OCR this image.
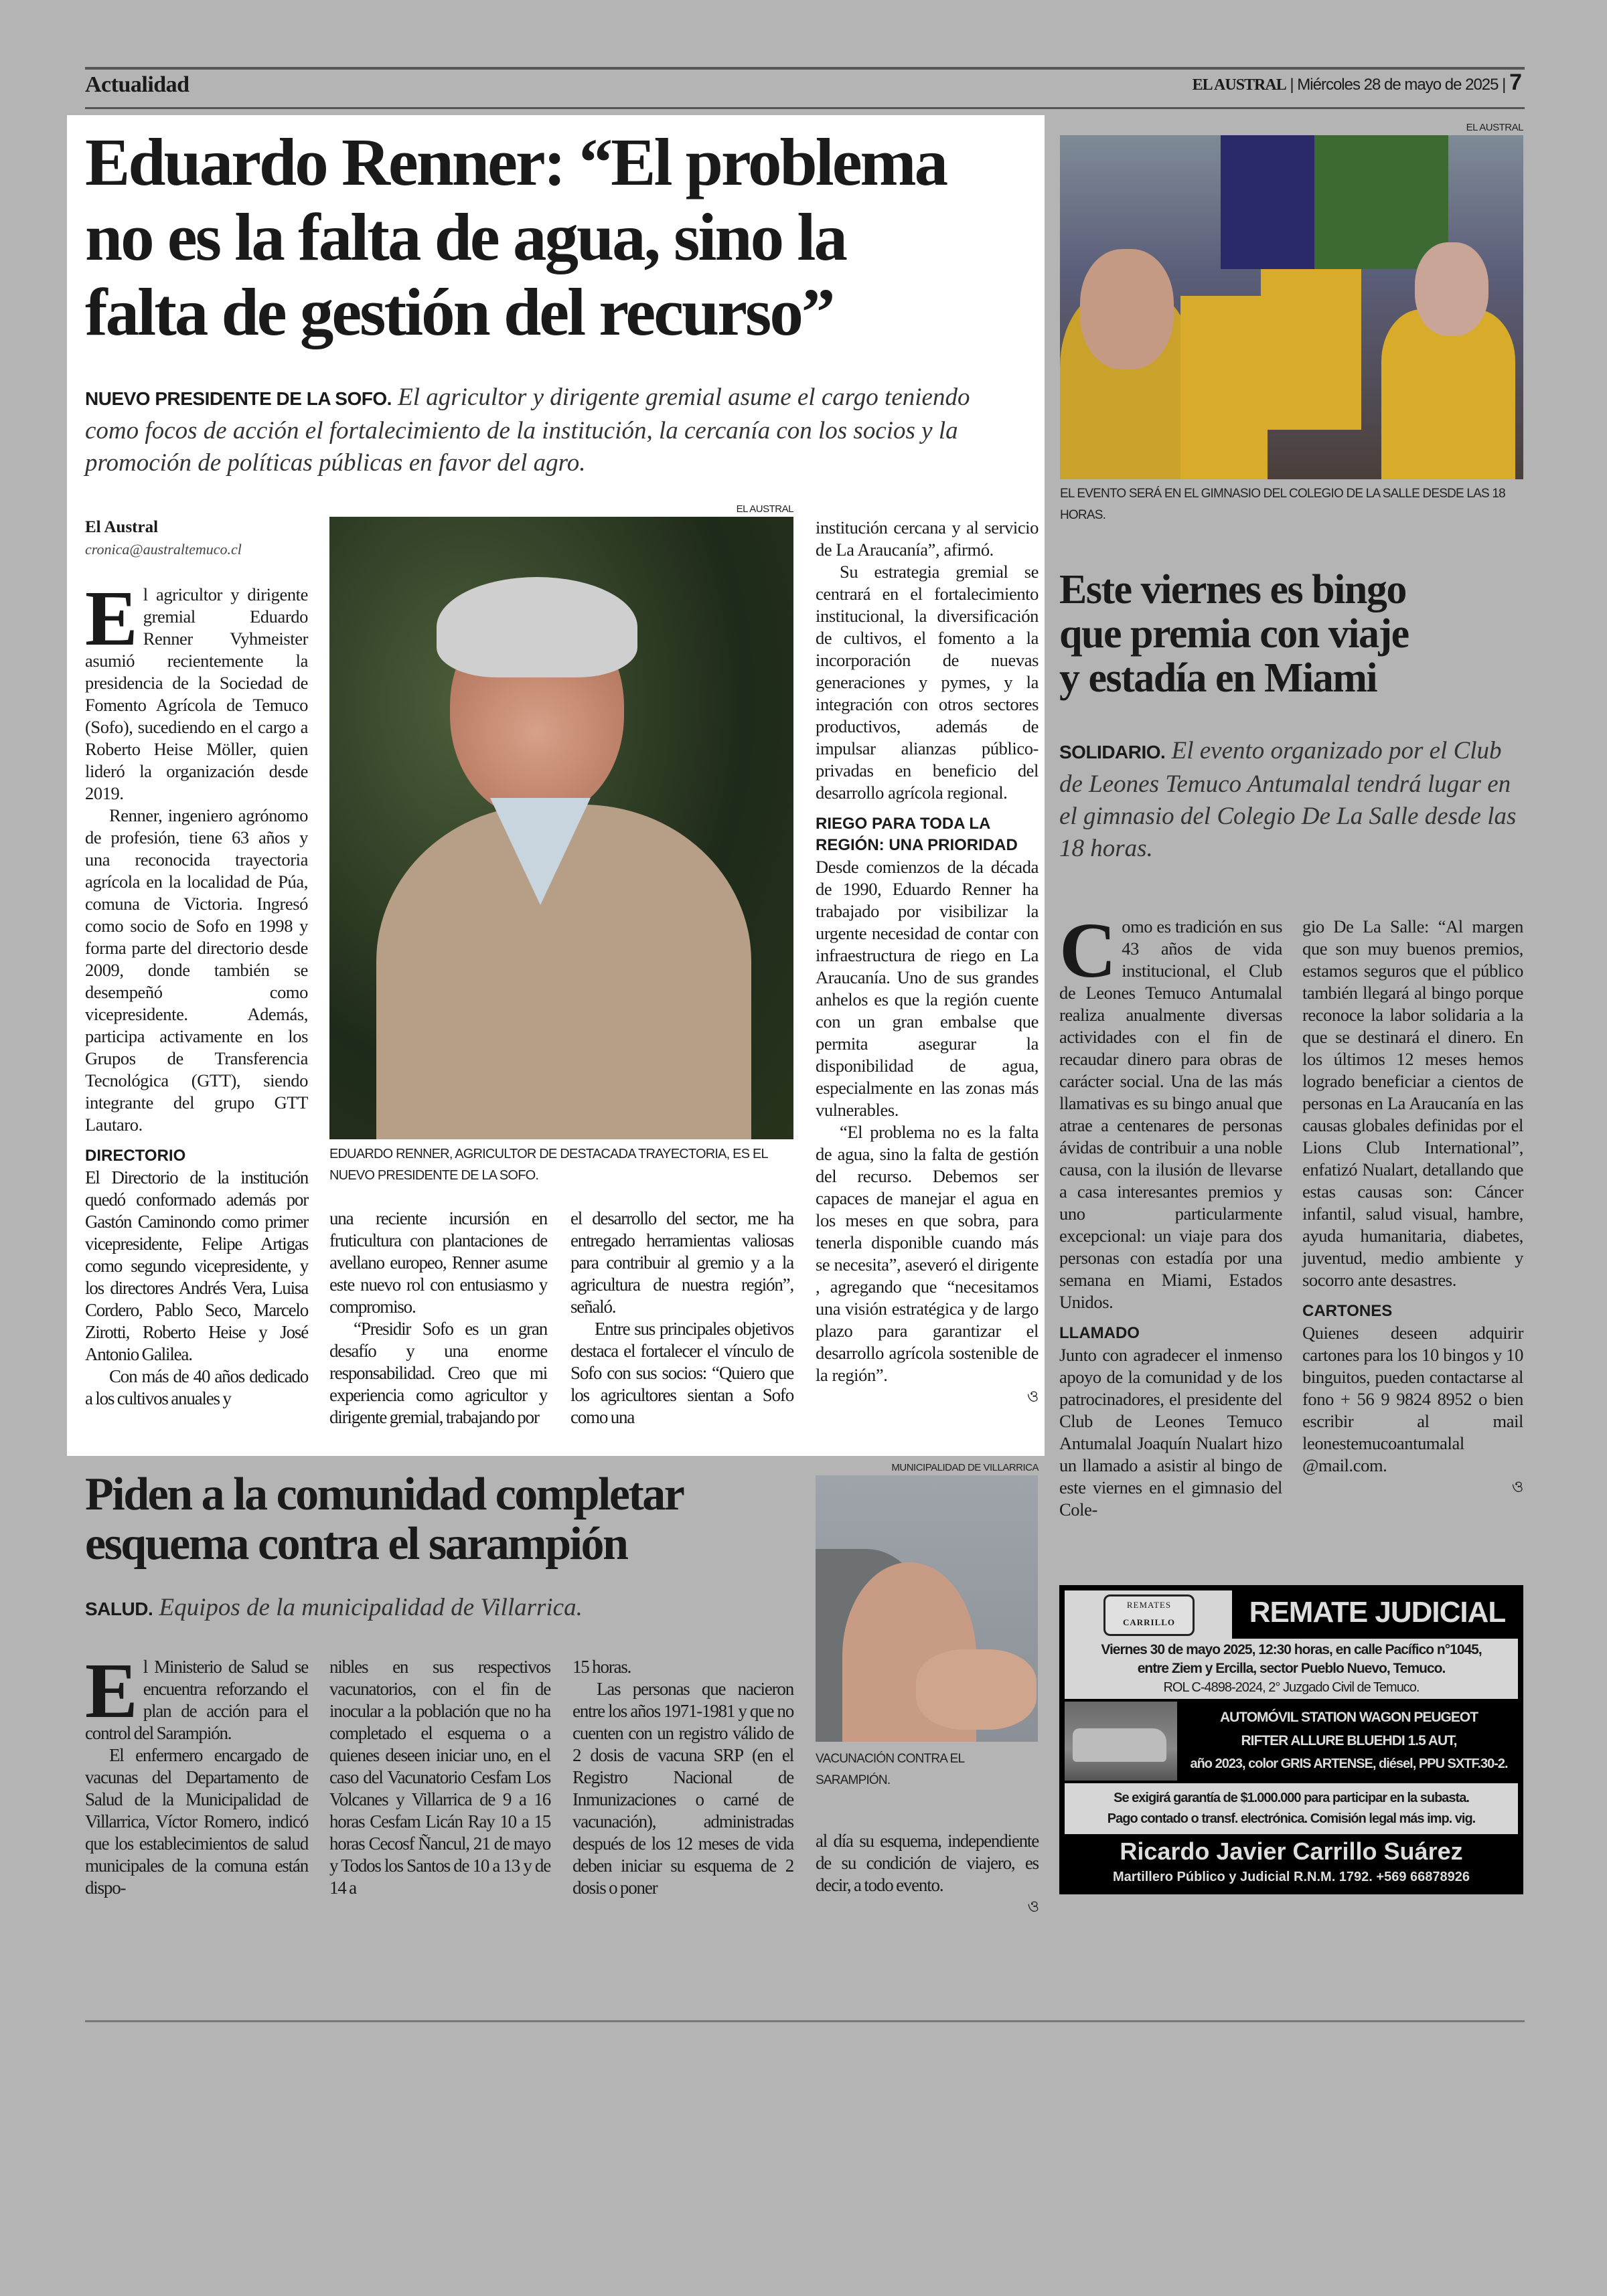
Actualidad	EL AUSTRAL | Miércoles 28 de mayo de 2025 | 7
Eduardo Renner: “El problema
no es la falta de agua, sino la
falta de gestión del recurso”
NUEVO PRESIDENTE DE LA SOFO. El agricultor y dirigente gremial asume el cargo teniendo como focos de acción el fortalecimiento de la institución, la cercanía con los socios y la promoción de políticas públicas en favor del agro.
El Austral
cronica@australtemuco.cl
E l agricultor y dirigente gremial Eduardo Renner Vyhmeister asumió recientemente la presidencia de la Sociedad de Fomento Agrícola de Temuco (Sofo), sucediendo en el cargo a Roberto Heise Möller, quien lideró la organización desde 2019.

Renner, ingeniero agrónomo de profesión, tiene 63 años y una reconocida trayectoria agrícola en la localidad de Púa, comuna de Victoria. Ingresó como socio de Sofo en 1998 y forma parte del directorio desde 2009, donde también se desempeñó como vicepresidente. Además, participa activamente en los Grupos de Transferencia Tecnológica (GTT), siendo integrante del grupo GTT Lautaro.

DIRECTORIO

El Directorio de la institución quedó conformado además por Gastón Caminondo como primer vicepresidente, Felipe Artigas como segundo vicepresidente, y los directores Andrés Vera, Luisa Cordero, Pablo Seco, Marcelo Zirotti, Roberto Heise y José Antonio Galilea.

Con más de 40 años dedicado a los cultivos anuales y

EL AUSTRAL
EDUARDO RENNER, AGRICULTOR DE DESTACADA TRAYECTORIA, ES EL NUEVO PRESIDENTE DE LA SOFO.

una reciente incursión en fruticultura con plantaciones de avellano europeo, Renner asume este nuevo rol con entusiasmo y compromiso.

“Presidir Sofo es un gran desafío y una enorme responsabilidad. Creo que mi experiencia como agricultor y dirigente gremial, trabajando por

el desarrollo del sector, me ha entregado herramientas valiosas para contribuir al gremio y a la agricultura de nuestra región”, señaló.

Entre sus principales objetivos destaca el fortalecer el vínculo de Sofo con sus socios: “Quiero que los agricultores sientan a Sofo como una

institución cercana y al servicio de La Araucanía”, afirmó.

Su estrategia gremial se centrará en el fortalecimiento institucional, la diversificación de cultivos, el fomento a la incorporación de nuevas generaciones y pymes, y la integración con otros sectores productivos, además de impulsar alianzas público-privadas en beneficio del desarrollo agrícola regional.

RIEGO PARA TODA LA REGIÓN: UNA PRIORIDAD

Desde comienzos de la década de 1990, Eduardo Renner ha trabajado por visibilizar la urgente necesidad de contar con infraestructura de riego en La Araucanía. Uno de sus grandes anhelos es que la región cuente con un gran embalse que permita asegurar la disponibilidad de agua, especialmente en las zonas más vulnerables.

“El problema no es la falta de agua, sino la falta de gestión del recurso. Debemos ser capaces de manejar el agua en los meses en que sobra, para tenerla disponible cuando más se necesita”, aseveró el dirigente , agregando que “necesitamos una visión estratégica y de largo plazo para garantizar el desarrollo agrícola sostenible de la región”.

ও
EL AUSTRAL
EL EVENTO SERÁ EN EL GIMNASIO DEL COLEGIO DE LA SALLE DESDE LAS 18 HORAS.
Este viernes es bingo
que premia con viaje
y estadía en Miami
SOLIDARIO. El evento organizado por el Club de Leones Temuco Antumalal tendrá lugar en el gimnasio del Colegio De La Salle desde las 18 horas.
C omo es tradición en sus 43 años de vida institucional, el Club de Leones Temuco Antumalal realiza anualmente diversas actividades con el fin de recaudar dinero para obras de carácter social. Una de las más llamativas es su bingo anual que atrae a centenares de personas ávidas de contribuir a una noble causa, con la ilusión de llevarse a casa interesantes premios y uno particularmente excepcional: un viaje para dos personas con estadía por una semana en Miami, Estados Unidos.

LLAMADO

Junto con agradecer el inmenso apoyo de la comunidad y de los patrocinadores, el presidente del Club de Leones Temuco Antumalal Joaquín Nualart hizo un llamado a asistir al bingo de este viernes en el gimnasio del Cole-

gio De La Salle: “Al margen que son muy buenos premios, estamos seguros que el público también llegará al bingo porque reconoce la labor solidaria a la que se destinará el dinero. En los últimos 12 meses hemos logrado beneficiar a cientos de personas en La Araucanía en las causas globales definidas por el Lions Club International”, enfatizó Nualart, detallando que estas causas son: Cáncer infantil, salud visual, hambre, ayuda humanitaria, diabetes, juventud, medio ambiente y socorro ante desastres.

CARTONES

Quienes deseen adquirir cartones para los 10 bingos y 10 binguitos, pueden contactarse al fono + 56 9 9824 8952 o bien escribir al mail leonestemucoantumalal @mail.com.

ও
REMATES
CARRILLO	REMATE JUDICIAL
Viernes 30 de mayo 2025, 12:30 horas, en calle Pacífico n°1045,
entre Ziem y Ercilla, sector Pueblo Nuevo, Temuco.
ROL C-4898-2024, 2° Juzgado Civil de Temuco.
AUTOMÓVIL STATION WAGON PEUGEOT
RIFTER ALLURE BLUEHDI 1.5 AUT,
año 2023, color GRIS ARTENSE, diésel, PPU SXTF.30-2.
Se exigirá garantía de $1.000.000 para participar en la subasta.
Pago contado o transf. electrónica. Comisión legal más imp. vig.
Ricardo Javier Carrillo Suárez
Martillero Público y Judicial R.N.M. 1792. +569 66878926
Piden a la comunidad completar
esquema contra el sarampión
SALUD. Equipos de la municipalidad de Villarrica.
E l Ministerio de Salud se encuentra reforzando el plan de acción para el control del Sarampión.

El enfermero encargado de vacunas del Departamento de Salud de la Municipalidad de Villarrica, Víctor Romero, indicó que los establecimientos de salud municipales de la comuna están dispo-

nibles en sus respectivos vacunatorios, con el fin de inocular a la población que no ha completado el esquema o a quienes deseen iniciar uno, en el caso del Vacunatorio Cesfam Los Volcanes y Villarrica de 9 a 16 horas Cesfam Licán Ray 10 a 15 horas Cecosf Ñancul, 21 de mayo y Todos los Santos de 10 a 13 y de 14 a

15 horas.

Las personas que nacieron entre los años 1971-1981 y que no cuenten con un registro válido de 2 dosis de vacuna SRP (en el Registro Nacional de Inmunizaciones o carné de vacunación), administradas después de los 12 meses de vida deben iniciar su esquema de 2 dosis o poner

MUNICIPALIDAD DE VILLARRICA
VACUNACIÓN CONTRA EL SARAMPIÓN.

al día su esquema, independiente de su condición de viajero, es decir, a todo evento.

ও
